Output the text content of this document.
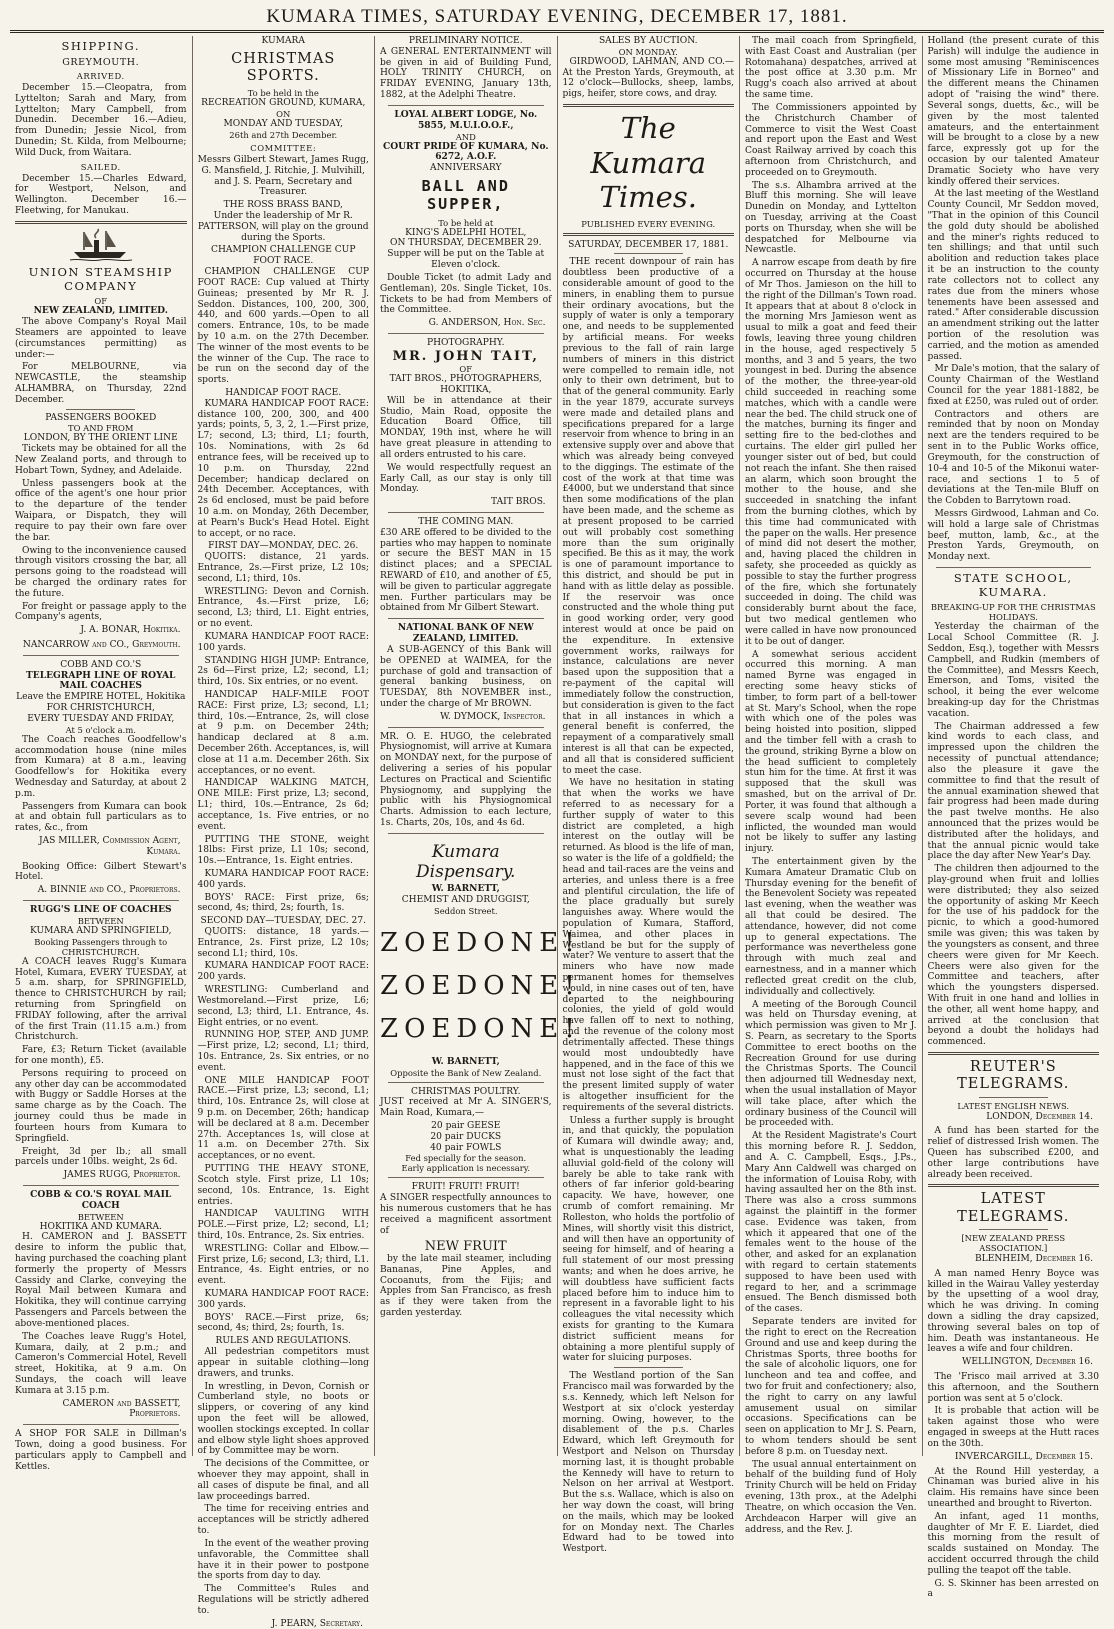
KUMARA TIMES, SATURDAY EVENING, DECEMBER 17, 1881.
SHIPPING.
GREYMOUTH.
ARRIVED.

December 15.—Cleopatra, from Lyttelton; Sarah and Mary, from Lyttelton; Mary Campbell, from Dunedin. December 16.—Adieu, from Dunedin; Jessie Nicol, from Dunedin; St. Kilda, from Melbourne; Wild Duck, from Waitara.

SAILED.

December 15.—Charles Edward, for Westport, Nelson, and Wellington. December 16.—Fleetwing, for Manukau.

UNION STEAMSHIP COMPANY
OF
NEW ZEALAND, LIMITED.

The above Company's Royal Mail Steamers are appointed to leave (circumstances permitting) as under:—

For MELBOURNE, via NEWCASTLE, the steamship ALHAMBRA, on Thursday, 22nd December.

PASSENGERS BOOKED
TO AND FROM
LONDON, BY THE ORIENT LINE

Tickets may be obtained for all the New Zealand ports, and through to Hobart Town, Sydney, and Adelaide.

Unless passengers book at the office of the agent's one hour prior to the departure of the tender Waipara, or Dispatch, they will require to pay their own fare over the bar.

Owing to the inconvenience caused through visitors crossing the bar, all persons going to the roadstead will be charged the ordinary rates for the future.

For freight or passage apply to the Company's agents,

J. A. BONAR, Hokitika.
NANCARROW and CO., Greymouth.
COBB AND CO.'S
TELEGRAPH LINE OF ROYAL MAIL COACHES
Leave the EMPIRE HOTEL, Hokitika FOR CHRISTCHURCH,
EVERY TUESDAY AND FRIDAY,
At 5 o'clock a.m.

The Coach reaches Goodfellow's accommodation house (nine miles from Kumara) at 8 a.m., leaving Goodfellow's for Hokitika every Wednesday and Saturday, at about 2 p.m.

Passengers from Kumara can book at and obtain full particulars as to rates, &c., from

JAS MILLER, Commission Agent, Kumara.

Booking Office: Gilbert Stewart's Hotel.

A. BINNIE and CO., Proprietors.
RUGG'S LINE OF COACHES
BETWEEN
KUMARA AND SPRINGFIELD,
Booking Passengers through to CHRISTCHURCH.

A COACH leaves Rugg's Kumara Hotel, Kumara, EVERY TUESDAY, at 5 a.m. sharp, for SPRINGFIELD, thence to CHRISTCHURCH by rail; returning from Springfield on FRIDAY following, after the arrival of the first Train (11.15 a.m.) from Christchurch.

Fare, £3; Return Ticket (available for one month), £5.

Persons requiring to proceed on any other day can be accommodated with Buggy or Saddle Horses at the same charge as by the Coach. The journey could thus be made in fourteen hours from Kumara to Springfield.

Freight, 3d per lb.; all small parcels under 10lbs. weight, 2s 6d.

JAMES RUGG, Proprietor.
COBB & CO.'S ROYAL MAIL COACH
BETWEEN
HOKITIKA AND KUMARA.

H. CAMERON and J. BASSETT desire to inform the public that, having purchased the coaching plant formerly the property of Messrs Cassidy and Clarke, conveying the Royal Mail between Kumara and Hokitika, they will continue carrying Passengers and Parcels between the above-mentioned places.

The Coaches leave Rugg's Hotel, Kumara, daily, at 2 p.m.; and Cameron's Commercial Hotel, Revell street, Hokitika, at 9 a.m. On Sundays, the coach will leave Kumara at 3.15 p.m.

CAMERON and BASSETT, Proprietors.

A SHOP FOR SALE in Dillman's Town, doing a good business. For particulars apply to Campbell and Kettles.

KUMARA
CHRISTMAS SPORTS.
To be held in the
RECREATION GROUND, KUMARA,
ON
MONDAY AND TUESDAY,
26th and 27th December.
COMMITTEE:

Messrs Gilbert Stewart, James Rugg, G. Mansfield, J. Ritchie, J. Mulvihill, and J. S. Pearn, Secretary and Treasurer.

THE ROSS BRASS BAND,

Under the leadership of Mr R. PATTERSON, will play on the ground during the Sports.

CHAMPION CHALLENGE CUP FOOT RACE.

CHAMPION CHALLENGE CUP FOOT RACE: Cup valued at Thirty Guineas; presented by Mr R. J. Seddon. Distances, 100, 200, 300, 440, and 600 yards.—Open to all comers. Entrance, 10s, to be made by 10 a.m. on the 27th December. The winner of the most events to be the winner of the Cup. The race to be run on the second day of the sports.

HANDICAP FOOT RACE.

KUMARA HANDICAP FOOT RACE: distance 100, 200, 300, and 400 yards; points, 5, 3, 2, 1.—First prize, L7; second, L3; third, L1; fourth, 10s. Nominations, with 2s 6d entrance fees, will be received up to 10 p.m. on Thursday, 22nd December; handicap declared on 24th December. Acceptances, with 2s 6d enclosed, must be paid before 10 a.m. on Monday, 26th December, at Pearn's Buck's Head Hotel. Eight to accept, or no race.

FIRST DAY—MONDAY, DEC. 26.

QUOITS: distance, 21 yards. Entrance, 2s.—First prize, L2 10s; second, L1; third, 10s.

WRESTLING: Devon and Cornish. Entrance, 4s.—First prize, L6; second, L3; third, L1. Eight entries, or no event.

KUMARA HANDICAP FOOT RACE: 100 yards.

STANDING HIGH JUMP: Entrance, 2s 6d—First prize, L2; second, L1; third, 10s. Six entries, or no event.

HANDICAP HALF-MILE FOOT RACE: First prize, L3; second, L1; third, 10s.—Entrance, 2s, will close at 9 p.m. on December 24th; handicap declared at 8 a.m. December 26th. Acceptances, is, will close at 11 a.m. December 26th. Six acceptances, or no event.

HANDICAP WALKING MATCH, ONE MILE: First prize, L3; second, L1; third, 10s.—Entrance, 2s 6d; acceptance, 1s. Five entries, or no event.

PUTTING THE STONE, weight 18lbs: First prize, L1 10s; second, 10s.—Entrance, 1s. Eight entries.

KUMARA HANDICAP FOOT RACE: 400 yards.

BOYS' RACE: First prize, 6s; second, 4s; third, 2s; fourth, 1s.

SECOND DAY—TUESDAY, DEC. 27.

QUOITS: distance, 18 yards.—Entrance, 2s. First prize, L2 10s; second L1; third, 10s.

KUMARA HANDICAP FOOT RACE: 200 yards.

WRESTLING: Cumberland and Westmoreland.—First prize, L6; second, L3; third, L1. Entrance, 4s. Eight entries, or no event.

RUNNING HOP, STEP, AND JUMP.—First prize, L2; second, L1; third, 10s. Entrance, 2s. Six entries, or no event.

ONE MILE HANDICAP FOOT RACE.—First prize, L3; second, L1; third, 10s. Entrance 2s, will close at 9 p.m. on December, 26th; handicap will be declared at 8 a.m. December 27th. Acceptances 1s, will close at 11 a.m. on December 27th. Six acceptances, or no event.

PUTTING THE HEAVY STONE, Scotch style. First prize, L1 10s; second, 10s. Entrance, 1s. Eight entries.

HANDICAP VAULTING WITH POLE.—First prize, L2; second, L1; third, 10s. Entrance, 2s. Six entries.

WRESTLING: Collar and Elbow.—First prize, L6; second, L3; third, L1. Entrance, 4s. Eight entries, or no event.

KUMARA HANDICAP FOOT RACE: 300 yards.

BOYS' RACE.—First prize, 6s; second, 4s; third, 2s; fourth, 1s.

RULES AND REGULATIONS.

All pedestrian competitors must appear in suitable clothing—long drawers, and trunks.

In wrestling, in Devon, Cornish or Cumberland style, no boots or slippers, or covering of any kind upon the feet will be allowed, woollen stockings excepted. In collar and elbow style light shoes approved of by Committee may be worn.

The decisions of the Committee, or whoever they may appoint, shall in all cases of dispute be final, and all law proceedings barred.

The time for receiving entries and acceptances will be strictly adhered to.

In the event of the weather proving unfavorable, the Committee shall have it in their power to postpone the sports from day to day.

The Committee's Rules and Regulations will be strictly adhered to.

J. PEARN, Secretary.
PRELIMINARY NOTICE.

A GENERAL ENTERTAINMENT will be given in aid of Building Fund, HOLY TRINITY CHURCH, on FRIDAY EVENING, January 13th, 1882, at the Adelphi Theatre.

LOYAL ALBERT LODGE, No. 5855, M.U.I.O.O.F.,
AND
COURT PRIDE OF KUMARA, No. 6272, A.O.F.
ANNIVERSARY
BALL AND SUPPER,
To be held at
KING'S ADELPHI HOTEL,
ON THURSDAY, DECEMBER 29.

Supper will be put on the Table at Eleven o'clock.

Double Ticket (to admit Lady and Gentleman), 20s. Single Ticket, 10s. Tickets to be had from Members of the Committee.

G. ANDERSON, Hon. Sec.
PHOTOGRAPHY.
MR. JOHN TAIT,
OF
TAIT BROS., PHOTOGRAPHERS, HOKITIKA,

Will be in attendance at their Studio, Main Road, opposite the Education Board Office, till MONDAY, 19th inst, where he will have great pleasure in attending to all orders entrusted to his care.

We would respectfully request an Early Call, as our stay is only till Monday.

TAIT BROS.
THE COMING MAN.

£30 ARE offered to be divided to the parties who may happen to nominate or secure the BEST MAN in 15 distinct places; and a SPECIAL REWARD of £10, and another of £5, will be given to particular aggregate men. Further particulars may be obtained from Mr Gilbert Stewart.

NATIONAL BANK OF NEW ZEALAND, LIMITED.

A SUB-AGENCY of this Bank will be OPENED at WAIMEA, for the purchase of gold and transaction of general banking business, on TUESDAY, 8th NOVEMBER inst., under the charge of Mr BROWN.

W. DYMOCK, Inspector.

MR. O. E. HUGO, the celebrated Physiognomist, will arrive at Kumara on MONDAY next, for the purpose of delivering a series of his popular Lectures on Practical and Scientific Physiognomy, and supplying the public with his Physiognomical Charts. Admission to each lecture, 1s. Charts, 20s, 10s, and 4s 6d.

Kumara Dispensary.
W. BARNETT,
CHEMIST AND DRUGGIST,
Seddon Street.
ZOEDONE!
ZOEDONE!
ZOEDONE!
W. BARNETT,
Opposite the Bank of New Zealand.
CHRISTMAS POULTRY.

JUST received at Mr A. SINGER'S, Main Road, Kumara,—

20 pair GEESE
20 pair DUCKS
40 pair FOWLS
Fed specially for the season.
Early application is necessary.
FRUIT! FRUIT! FRUIT!

A SINGER respectfully announces to his numerous customers that he has received a magnificent assortment of

NEW FRUIT

by the late mail steamer, including Bananas, Pine Apples, and Cocoanuts, from the Fijis; and Apples from San Francisco, as fresh as if they were taken from the garden yesterday.

SALES BY AUCTION.
ON MONDAY.

GIRDWOOD, LAHMAN, AND CO.—At the Preston Yards, Greymouth, at 12 o'clock—Bullocks, sheep, lambs, pigs, heifer, store cows, and dray.

The Kumara Times.
PUBLISHED EVERY EVENING.
SATURDAY, DECEMBER 17, 1881.

THE recent downpour of rain has doubtless been productive of a considerable amount of good to the miners, in enabling them to pursue their ordinary avocations, but the supply of water is only a temporary one, and needs to be supplemented by artificial means. For weeks previous to the fall of rain large numbers of miners in this district were compelled to remain idle, not only to their own detriment, but to that of the general community. Early in the year 1879, accurate surveys were made and detailed plans and specifications prepared for a large reservoir from whence to bring in an extensive supply over and above that which was already being conveyed to the diggings. The estimate of the cost of the work at that time was £4000, but we understand that since then some modifications of the plan have been made, and the scheme as at present proposed to be carried out will probably cost something more than the sum originally specified. Be this as it may, the work is one of paramount importance to this district, and should be put in hand with as little delay as possible. If the reservoir was once constructed and the whole thing put in good working order, very good interest would at once be paid on the expenditure. In extensive government works, railways for instance, calculations are never based upon the supposition that a re-payment of the capital will immediately follow the construction, but consideration is given to the fact that in all instances in which a general benefit is conferred, the repayment of a comparatively small interest is all that can be expected, and all that is considered sufficient to meet the case.

We have no hesitation in stating that when the works we have referred to as necessary for a further supply of water to this district are completed, a high interest on the outlay will be returned. As blood is the life of man, so water is the life of a goldfield; the head and tail-races are the veins and arteries, and unless there is a free and plentiful circulation, the life of the place gradually but surely languishes away. Where would the population of Kumara, Stafford, Waimea, and other places in Westland be but for the supply of water? We venture to assert that the miners who have now made permanent homes for themselves would, in nine cases out of ten, have departed to the neighbouring colonies, the yield of gold would have fallen off to next to nothing, and the revenue of the colony most detrimentally affected. These things would most undoubtedly have happened, and in the face of this we must not lose sight of the fact that the present limited supply of water is altogether insufficient for the requirements of the several districts.

Unless a further supply is brought in, and that quickly, the population of Kumara will dwindle away; and, what is unquestionably the leading alluvial gold-field of the colony will barely be able to take rank with others of far inferior gold-bearing capacity. We have, however, one crumb of comfort remaining. Mr Rolleston, who holds the portfolio of Mines, will shortly visit this district, and will then have an opportunity of seeing for himself, and of hearing a full statement of our most pressing wants; and when he does arrive, he will doubtless have sufficient facts placed before him to induce him to represent in a favorable light to his colleagues the vital necessity which exists for granting to the Kumara district sufficient means for obtaining a more plentiful supply of water for sluicing purposes.

The Westland portion of the San Francisco mail was forwarded by the s.s. Kennedy, which left Nelson for Westport at six o'clock yesterday morning. Owing, however, to the disablement of the p.s. Charles Edward, which left Greymouth for Westport and Nelson on Thursday morning last, it is thought probable the Kennedy will have to return to Nelson on her arrival at Westport. But the s.s. Wallace, which is also on her way down the coast, will bring on the mails, which may be looked for on Monday next. The Charles Edward had to be towed into Westport.

The mail coach from Springfield, with East Coast and Australian (per Rotomahana) despatches, arrived at the post office at 3.30 p.m. Mr Rugg's coach also arrived at about the same time.

The Commissioners appointed by the Christchurch Chamber of Commerce to visit the West Coast and report upon the East and West Coast Railway arrived by coach this afternoon from Christchurch, and proceeded on to Greymouth.

The s.s. Alhambra arrived at the Bluff this morning. She will leave Dunedin on Monday, and Lyttelton on Tuesday, arriving at the Coast ports on Thursday, when she will be despatched for Melbourne via Newcastle.

A narrow escape from death by fire occurred on Thursday at the house of Mr Thos. Jamieson on the hill to the right of the Dillman's Town road. It appears that at about 8 o'clock in the morning Mrs Jamieson went as usual to milk a goat and feed their fowls, leaving three young children in the house, aged respectively 5 months, and 3 and 5 years, the two youngest in bed. During the absence of the mother, the three-year-old child succeeded in reaching some matches, which with a candle were near the bed. The child struck one of the matches, burning its finger and setting fire to the bed-clothes and curtains. The elder girl pulled her younger sister out of bed, but could not reach the infant. She then raised an alarm, which soon brought the mother to the house, and she succeeded in snatching the infant from the burning clothes, which by this time had communicated with the paper on the walls. Her presence of mind did not desert the mother, and, having placed the children in safety, she proceeded as quickly as possible to stay the further progress of the fire, which she fortunately succeeded in doing. The child was considerably burnt about the face, but two medical gentlemen who were called in have now pronounced it to be out of danger.

A somewhat serious accident occurred this morning. A man named Byrne was engaged in erecting some heavy sticks of timber, to form part of a bell-tower at St. Mary's School, when the rope with which one of the poles was being hoisted into position, slipped and the timber fell with a crash to the ground, striking Byrne a blow on the head sufficient to completely stun him for the time. At first it was supposed that the skull was smashed, but on the arrival of Dr. Porter, it was found that although a severe scalp wound had been inflicted, the wounded man would not be likely to suffer any lasting injury.

The entertainment given by the Kumara Amateur Dramatic Club on Thursday evening for the benefit of the Benevolent Society was repeated last evening, when the weather was all that could be desired. The attendance, however, did not come up to general expectations. The performance was nevertheless gone through with much zeal and earnestness, and in a manner which reflected great credit on the club, individually and collectively.

A meeting of the Borough Council was held on Thursday evening, at which permission was given to Mr J. S. Pearn, as secretary to the Sports Committee to erect booths on the Recreation Ground for use during the Christmas Sports. The Council then adjourned till Wednesday next, when the usual installation of Mayor will take place, after which the ordinary business of the Council will be proceeded with.

At the Resident Magistrate's Court this morning before R. J. Seddon, and A. C. Campbell, Esqs., J.Ps., Mary Ann Caldwell was charged on the information of Louisa Roby, with having assaulted her on the 8th inst. There was also a cross summons against the plaintiff in the former case. Evidence was taken, from which it appeared that one of the females went to the house of the other, and asked for an explanation with regard to certain statements supposed to have been used with regard to her, and a scrimmage ensued. The Bench dismissed both of the cases.

Separate tenders are invited for the right to erect on the Recreation Ground and use and keep during the Christmas Sports, three booths for the sale of alcoholic liquors, one for luncheon and tea and coffee, and two for fruit and confectionery; also, the right to carry on any lawful amusement usual on similar occasions. Specifications can be seen on application to Mr J. S. Pearn, to whom tenders should be sent before 8 p.m. on Tuesday next.

The usual annual entertainment on behalf of the building fund of Holy Trinity Church will be held on Friday evening, 13th prox., at the Adelphi Theatre, on which occasion the Ven. Archdeacon Harper will give an address, and the Rev. J.

Holland (the present curate of this Parish) will indulge the audience in some most amusing "Reminiscences of Missionary Life in Borneo" and the different means the Chinamen adopt of "raising the wind" there. Several songs, duetts, &c., will be given by the most talented amateurs, and the entertainment will be brought to a close by a new farce, expressly got up for the occasion by our talented Amateur Dramatic Society who have very kindly offered their services.

At the last meeting of the Westland County Council, Mr Seddon moved, "That in the opinion of this Council the gold duty should be abolished and the miner's rights reduced to ten shillings; and that until such abolition and reduction takes place it be an instruction to the county rate collectors not to collect any rates due from the miners whose tenements have been assessed and rated." After considerable discussion an amendment striking out the latter portion of the resolution was carried, and the motion as amended passed.

Mr Dale's motion, that the salary of County Chairman of the Westland Council for the year 1881-1882, be fixed at £250, was ruled out of order.

Contractors and others are reminded that by noon on Monday next are the tenders required to be sent in to the Public Works office, Greymouth, for the construction of 10-4 and 10-5 of the Mikonui water-race, and sections 1 to 5 of deviations at the Ten-mile Bluff on the Cobden to Barrytown road.

Messrs Girdwood, Lahman and Co. will hold a large sale of Christmas beef, mutton, lamb, &c., at the Preston Yards, Greymouth, on Monday next.

STATE SCHOOL, KUMARA.
BREAKING-UP FOR THE CHRISTMAS HOLIDAYS.

Yesterday the chairman of the Local School Committee (R. J. Seddon, Esq.), together with Messrs Campbell, and Rudkin (members of the Committee), and Messrs Keech, Emerson, and Toms, visited the school, it being the ever welcome breaking-up day for the Christmas vacation.

The Chairman addressed a few kind words to each class, and impressed upon the children the necessity of punctual attendance; also the pleasure it gave the committee to find that the result of the annual examination shewed that fair progress had been made during the past twelve months. He also announced that the prizes would be distributed after the holidays, and that the annual picnic would take place the day after New Year's Day.

The children then adjourned to the play-ground when fruit and lollies were distributed; they also seized the opportunity of asking Mr Keech for the use of his paddock for the picnic, to which a good-humored smile was given; this was taken by the youngsters as consent, and three cheers were given for Mr Keech. Cheers were also given for the Committee and teachers, after which the youngsters dispersed. With fruit in one hand and lollies in the other, all went home happy, and arrived at the conclusion that beyond a doubt the holidays had commenced.

REUTER'S TELEGRAMS.
LATEST ENGLISH NEWS.
LONDON, December 14.

A fund has been started for the relief of distressed Irish women. The Queen has subscribed £200, and other large contributions have already been received.

LATEST TELEGRAMS.
[NEW ZEALAND PRESS ASSOCIATION.]
BLENHEIM, December 16.

A man named Henry Boyce was killed in the Wairau Valley yesterday by the upsetting of a wool dray, which he was driving. In coming down a sidling the dray capsized, throwing several bales on top of him. Death was instantaneous. He leaves a wife and four children.

WELLINGTON, December 16.

The 'Frisco mail arrived at 3.30 this afternoon, and the Southern portion was sent at 5 o'clock.

It is probable that action will be taken against those who were engaged in sweeps at the Hutt races on the 30th.

INVERCARGILL, December 15.

At the Round Hill yesterday, a Chinaman was buried alive in his claim. His remains have since been unearthed and brought to Riverton.

An infant, aged 11 months, daughter of Mr F. E. Liardet, died this morning from the result of scalds sustained on Monday. The accident occurred through the child pulling the teapot off the table.

G. S. Skinner has been arrested on a
